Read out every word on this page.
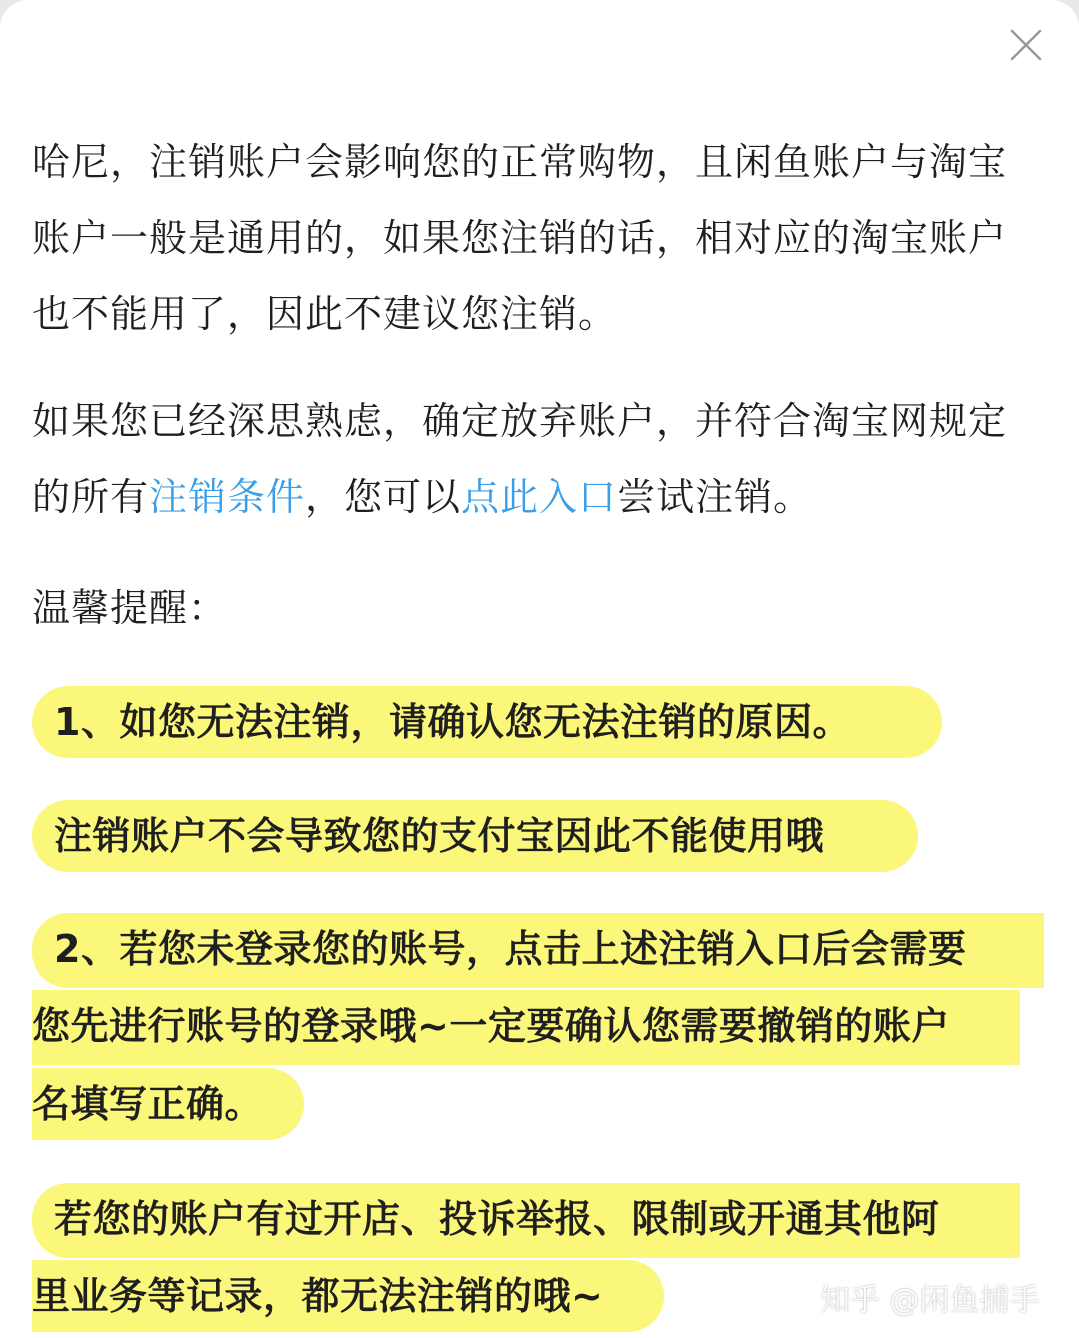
哈尼，注销账户会影响您的正常购物，且闲鱼账户与淘宝账户一般是通用的，如果您注销的话，相对应的淘宝账户也不能用了，因此不建议您注销。

如果您已经深思熟虑，确定放弃账户，并符合淘宝网规定的所有注销条件，您可以点此入口尝试注销。

温馨提醒：

1、如您无法注销，请确认您无法注销的原因。
注销账户不会导致您的支付宝因此不能使用哦
2、若您未登录您的账号，点击上述注销入口后会需要
您先进行账号的登录哦~一定要确认您需要撤销的账户
名填写正确。
若您的账户有过开店、投诉举报、限制或开通其他阿
里业务等记录，都无法注销的哦~	知乎 @闲鱼捕手
